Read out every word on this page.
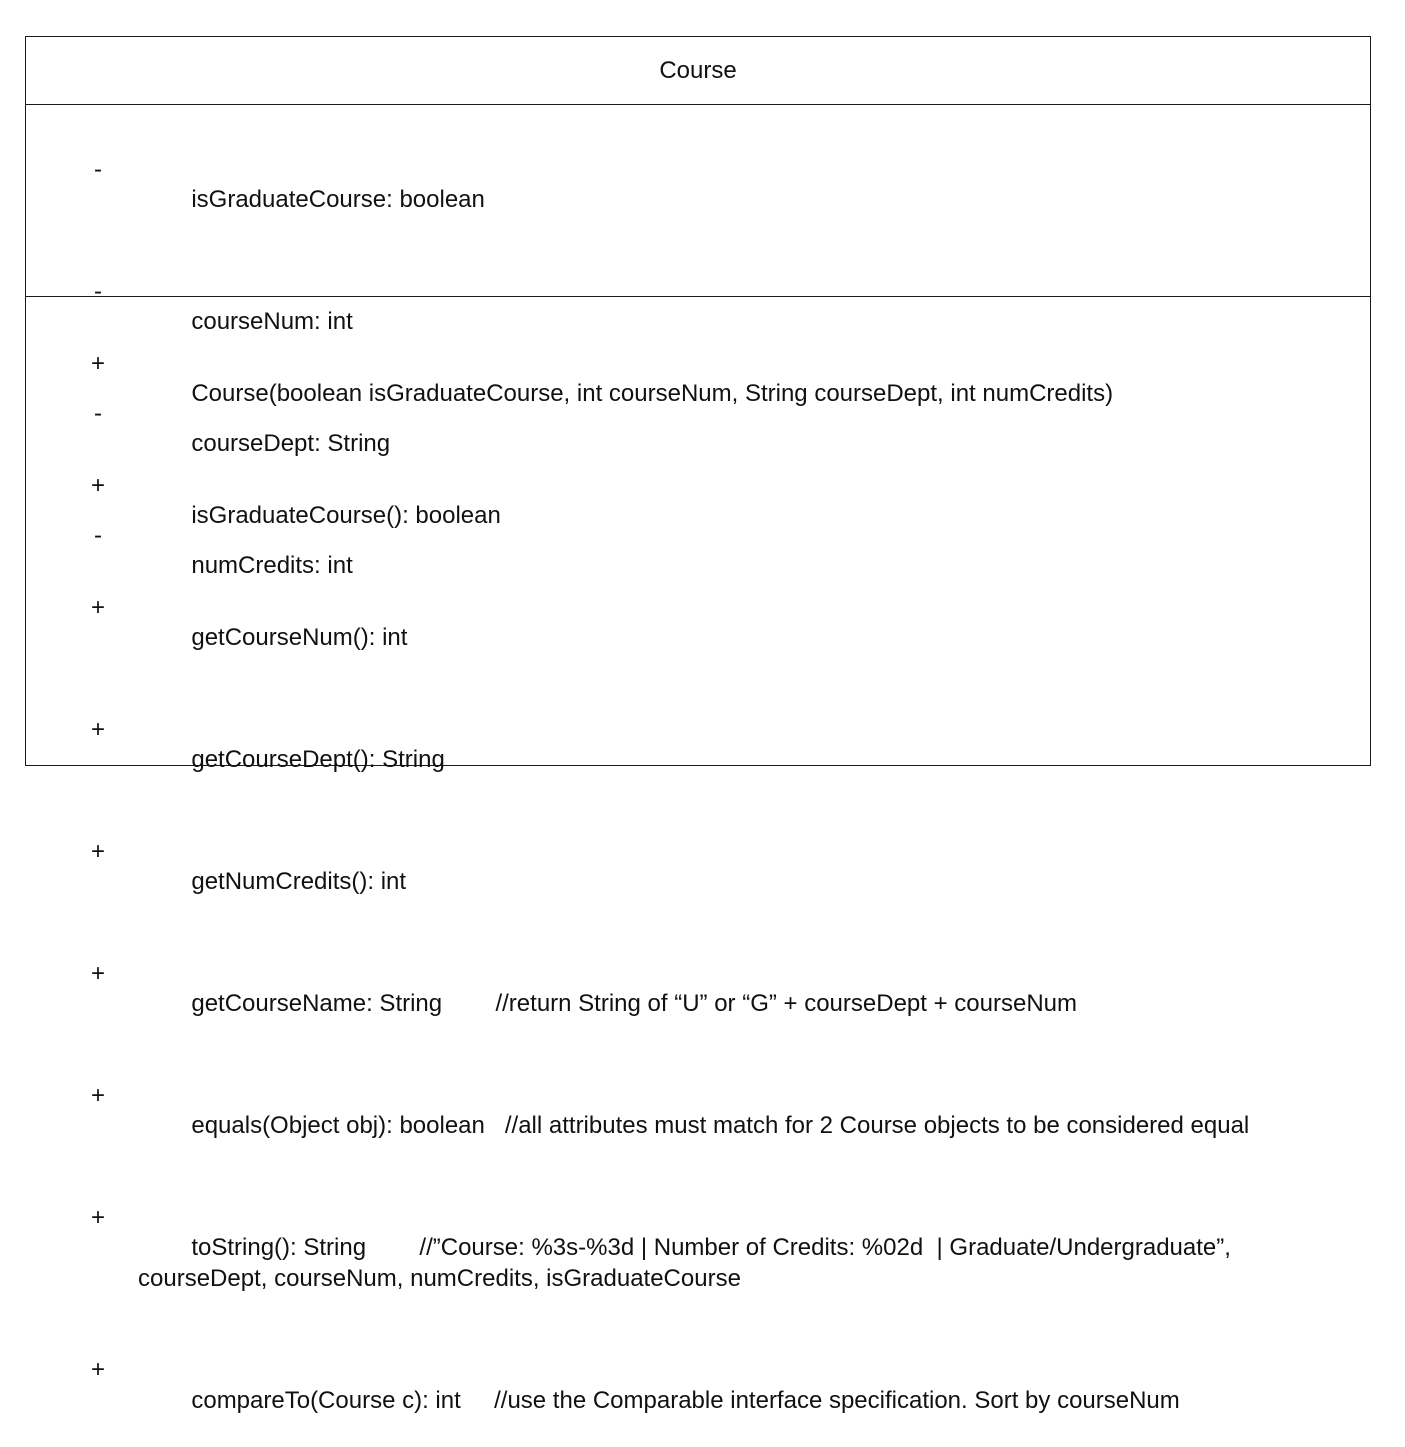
Course

-

isGraduateCourse: boolean

-

courseNum: int

-

courseDept: String

-

numCredits: int

+

Course(boolean isGraduateCourse, int courseNum, String courseDept, int numCredits)

+

isGraduateCourse(): boolean

+

getCourseNum(): int

+

getCourseDept(): String

+

getNumCredits(): int

+

getCourseName: String        //return String of “U” or “G” + courseDept + courseNum

+

equals(Object obj): boolean   //all attributes must match for 2 Course objects to be considered equal

+

toString(): String        //”Course: %3s-%3d | Number of Credits: %02d  | Graduate/Undergraduate”, courseDept, courseNum, numCredits, isGraduateCourse

+

compareTo(Course c): int     //use the Comparable interface specification. Sort by courseNum
